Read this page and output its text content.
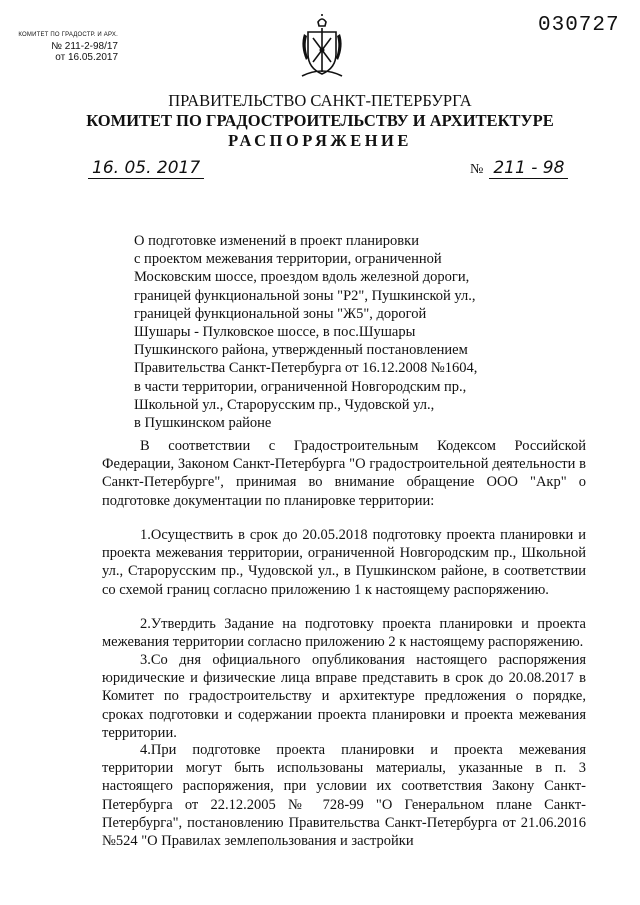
КОМИТЕТ ПО ГРАДОСТР. И АРХ.
№ 211-2-98/17
от 16.05.2017
030727
ПРАВИТЕЛЬСТВО САНКТ-ПЕТЕРБУРГА
КОМИТЕТ ПО ГРАДОСТРОИТЕЛЬСТВУ И АРХИТЕКТУРЕ
РАСПОРЯЖЕНИЕ
16. 05. 2017	№ 211 - 98
О подготовке изменений в проект планировки
с проектом межевания территории, ограниченной
Московским шоссе, проездом вдоль железной дороги,
границей функциональной зоны "Р2", Пушкинской ул.,
границей функциональной зоны "Ж5", дорогой
Шушары - Пулковское шоссе, в пос.Шушары
Пушкинского района, утвержденный постановлением
Правительства Санкт-Петербурга от 16.12.2008 №1604,
в части территории, ограниченной Новгородским пр.,
Школьной ул., Старорусским пр., Чудовской ул.,
в Пушкинском районе

В соответствии с Градостроительным Кодексом Российской Федерации, Законом Санкт-Петербурга "О градостроительной деятельности в Санкт-Петербурге", принимая во внимание обращение ООО "Акр" о подготовке документации по планировке территории:

1.Осуществить в срок до 20.05.2018 подготовку проекта планировки и проекта межевания территории, ограниченной Новгородским пр., Школьной ул., Старорусским пр., Чудовской ул., в Пушкинском районе, в соответствии со схемой границ согласно приложению 1 к настоящему распоряжению.

2.Утвердить Задание на подготовку проекта планировки и проекта межевания территории согласно приложению 2 к настоящему распоряжению.

3.Со дня официального опубликования настоящего распоряжения юридические и физические лица вправе представить в срок до 20.08.2017 в Комитет по градостроительству и архитектуре предложения о порядке, сроках подготовки и содержании проекта планировки и проекта межевания территории.

4.При подготовке проекта планировки и проекта межевания территории могут быть использованы материалы, указанные в п. 3 настоящего распоряжения, при условии их соответствия Закону Санкт-Петербурга от 22.12.2005 № 728-99 "О Генеральном плане Санкт-Петербурга", постановлению Правительства Санкт-Петербурга от 21.06.2016 №524 "О Правилах землепользования и застройки
